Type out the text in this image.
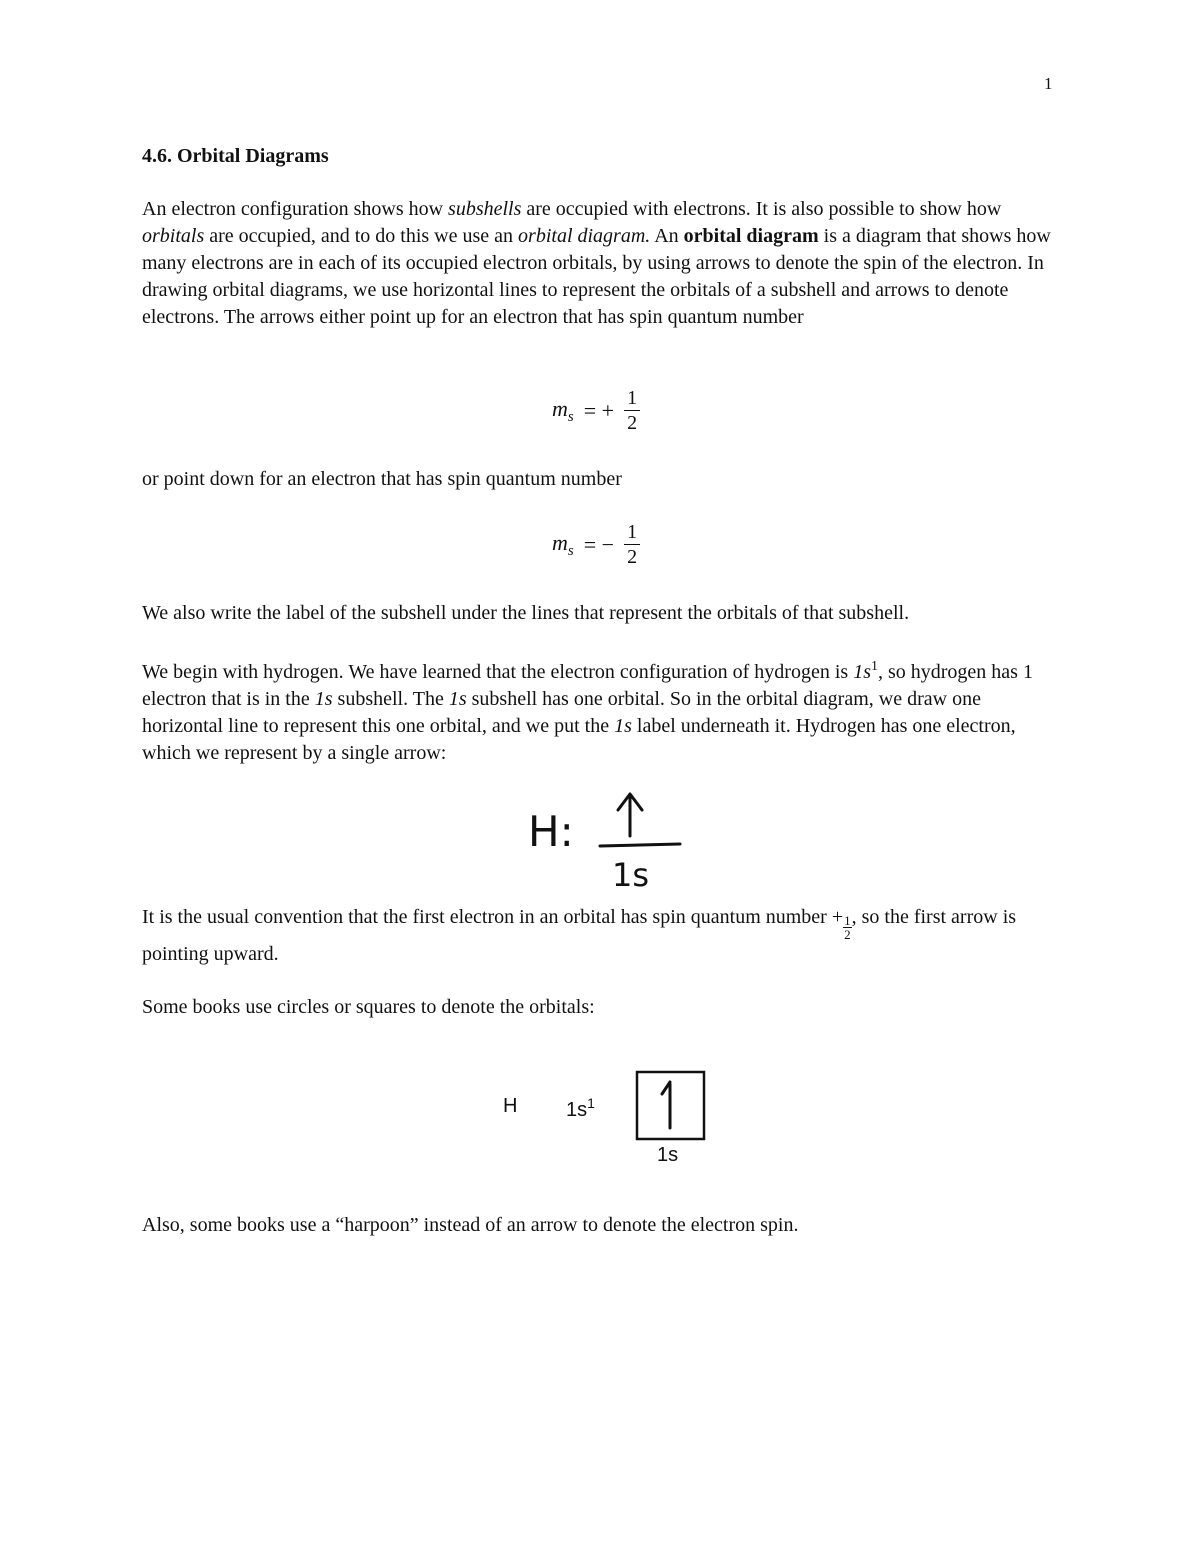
1
4.6. Orbital Diagrams
An electron configuration shows how subshells are occupied with electrons. It is also possible to show how orbitals are occupied, and to do this we use an orbital diagram. An orbital diagram is a diagram that shows how many electrons are in each of its occupied electron orbitals, by using arrows to denote the spin of the electron. In drawing orbital diagrams, we use horizontal lines to represent the orbitals of a subshell and arrows to denote electrons. The arrows either point up for an electron that has spin quantum number
$m_s$ = + $\frac{1}{2}$
or point down for an electron that has spin quantum number
$m_s$ = − $\frac{1}{2}$
We also write the label of the subshell under the lines that represent the orbitals of that subshell.
We begin with hydrogen. We have learned that the electron configuration of hydrogen is $1s^1$, so hydrogen has 1 electron that is in the 1s subshell. The 1s subshell has one orbital. So in the orbital diagram, we draw one horizontal line to represent this one orbital, and we put the 1s label underneath it. Hydrogen has one electron, which we represent by a single arrow:
H:
1s
It is the usual convention that the first electron in an orbital has spin quantum number + $\frac{1}{2}$ , so the first arrow is pointing upward.
Some books use circles or squares to denote the orbitals:
H $1s^1$
1s
Also, some books use a “harpoon” instead of an arrow to denote the electron spin.
